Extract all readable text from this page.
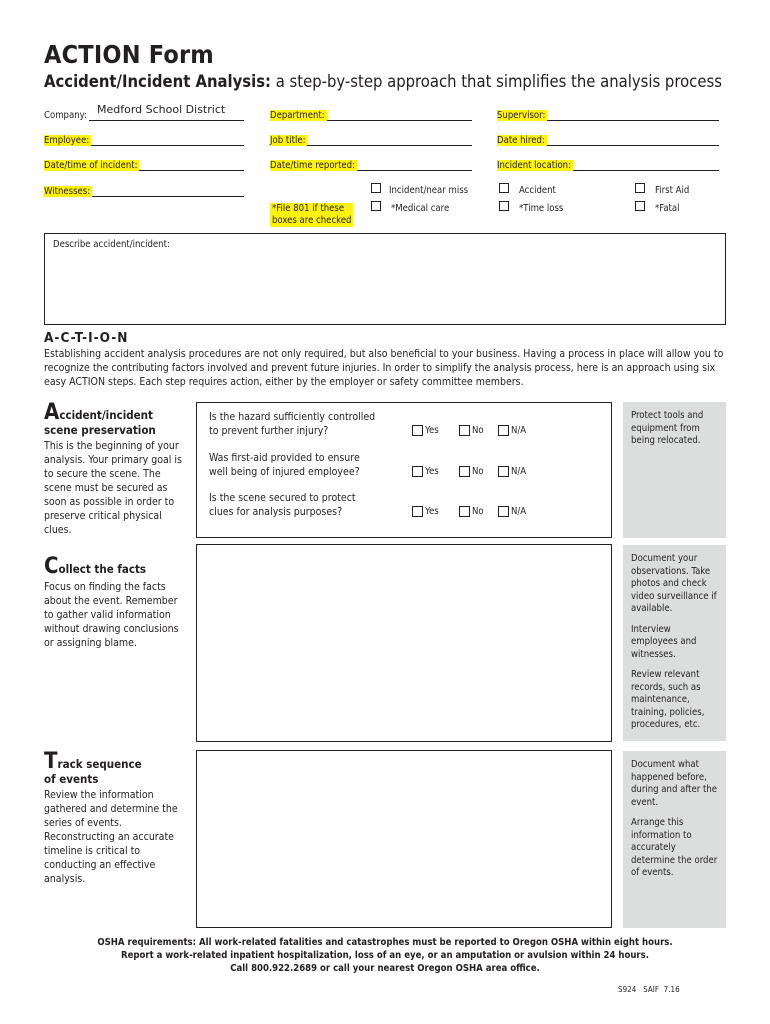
ACTION Form
Accident/Incident Analysis: a step-by-step approach that simplifies the analysis process
Company: Medford School District	Department:	Supervisor:
Employee:	Job title:	Date hired:
Date/time of incident:	Date/time reported:	Incident location:
Witnesses:	Incident/near miss	Accident	First Aid
*Medical care	*Time loss	*Fatal
*File 801 if these
boxes are checked
Describe accident/incident:
A-C-T-I-O-N
Establishing accident analysis procedures are not only required, but also beneficial to your business. Having a process in place will allow you to recognize the contributing factors involved and prevent future injuries. In order to simplify the analysis process, here is an approach using six easy ACTION steps. Each step requires action, either by the employer or safety committee members.
Accident/incident
scene preservation
This is the beginning of your analysis. Your primary goal is to secure the scene. The scene must be secured as soon as possible in order to preserve critical physical clues.
Is the hazard sufficiently controlled
to prevent further injury?	Yes	No	N/A
Was first-aid provided to ensure
well being of injured employee?	Yes	No	N/A
Is the scene secured to protect
clues for analysis purposes?	Yes	No	N/A

Protect tools and equipment from being relocated.

Collect the facts
Focus on finding the facts about the event. Remember to gather valid information without drawing conclusions or assigning blame.

Document your observations. Take photos and check video surveillance if available.

Interview employees and witnesses.

Review relevant records, such as maintenance, training, policies, procedures, etc.

Track sequence
of events
Review the information gathered and determine the series of events. Reconstructing an accurate timeline is critical to conducting an effective analysis.

Document what happened before, during and after the event.

Arrange this information to accurately determine the order of events.

OSHA requirements: All work-related fatalities and catastrophes must be reported to Oregon OSHA within eight hours.
Report a work-related inpatient hospitalization, loss of an eye, or an amputation or avulsion within 24 hours.
Call 800.922.2689 or call your nearest Oregon OSHA area office.
S924   SAIF  7.16
